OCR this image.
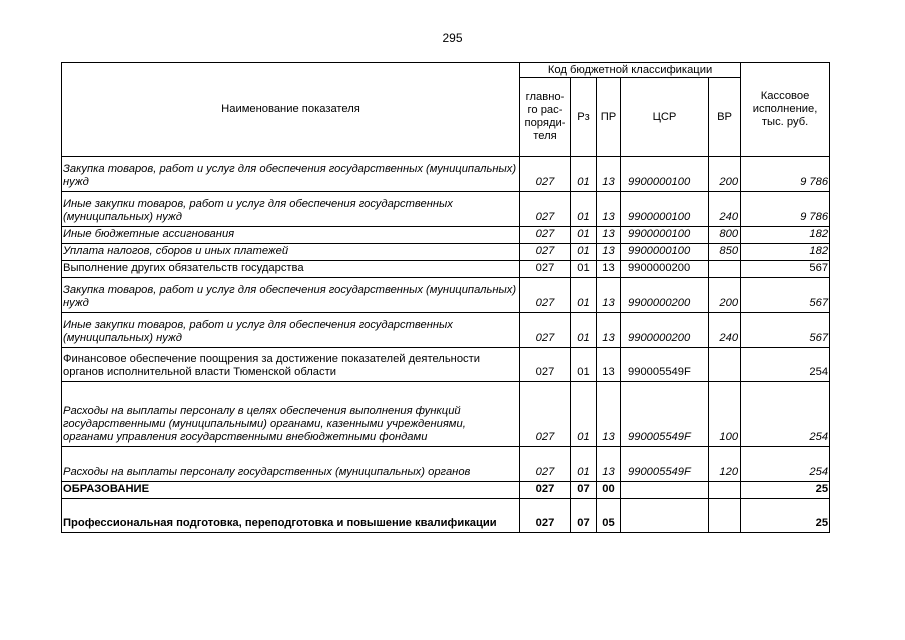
295
Наименование показателя	Код бюджетной классификации					Кассовое исполнение, тыс. руб.
	главно-го рас-поряди-теля	Рз	ПР	ЦСР	ВР	
Закупка товаров, работ и услуг для обеспечения государственных (муниципальных) нужд	027	01	13	9900000100	200	9 786
Иные закупки товаров, работ и услуг для обеспечения государственных (муниципальных) нужд	027	01	13	9900000100	240	9 786
Иные бюджетные ассигнования	027	01	13	9900000100	800	182
Уплата налогов, сборов и иных платежей	027	01	13	9900000100	850	182
Выполнение других обязательств государства	027	01	13	9900000200		567
Закупка товаров, работ и услуг для обеспечения государственных (муниципальных) нужд	027	01	13	9900000200	200	567
Иные закупки товаров, работ и услуг для обеспечения государственных (муниципальных) нужд	027	01	13	9900000200	240	567
Финансовое обеспечение поощрения за достижение показателей деятельности органов исполнительной власти Тюменской области	027	01	13	990005549F		254
Расходы на выплаты персоналу в целях обеспечения выполнения функций государственными (муниципальными) органами, казенными учреждениями, органами управления государственными внебюджетными фондами	027	01	13	990005549F	100	254
Расходы на выплаты персоналу государственных (муниципальных) органов	027	01	13	990005549F	120	254
ОБРАЗОВАНИЕ	027	07	00			25
Профессиональная подготовка, переподготовка и повышение квалификации	027	07	05			25
